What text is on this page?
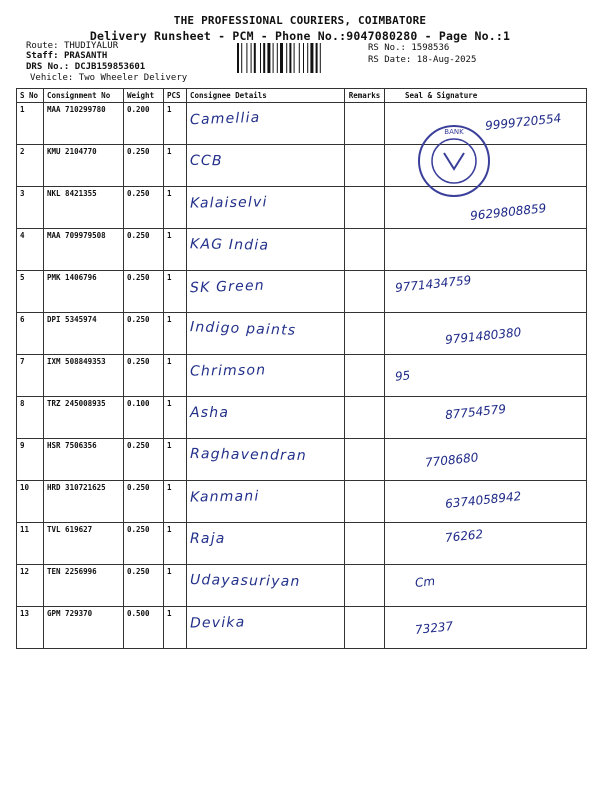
THE PROFESSIONAL COURIERS, COIMBATORE
Delivery Runsheet - PCM - Phone No.:9047080280 - Page No.:1
Route: THUDIYALUR
Staff: PRASANTH
DRS No.: DCJB159853601
Vehicle: Two Wheeler Delivery
RS No.: 1598536
RS Date: 18-Aug-2025
S No	Consignment No	Weight	PCS	Consignee Details	Remarks	Seal & Signature
1	MAA 710299780	0.200	1	Camellia		9999720554

2	KMU 2104770	0.250	1	CCB		

3	NKL 8421355	0.250	1	Kalaiselvi		9629808859

4	MAA 709979508	0.250	1	KAG India		

5	PMK 1406796	0.250	1	SK Green		9771434759

6	DPI 5345974	0.250	1	Indigo paints		9791480380

7	IXM 508849353	0.250	1	Chrimson		95

8	TRZ 245008935	0.100	1	Asha		87754579

9	HSR 7506356	0.250	1	Raghavendran		7708680

10	HRD 310721625	0.250	1	Kanmani		6374058942

11	TVL 619627	0.250	1	Raja		76262

12	TEN 2256996	0.250	1	Udayasuriyan		Cm

13	GPM 729370	0.500	1	Devika		73237
BANK
